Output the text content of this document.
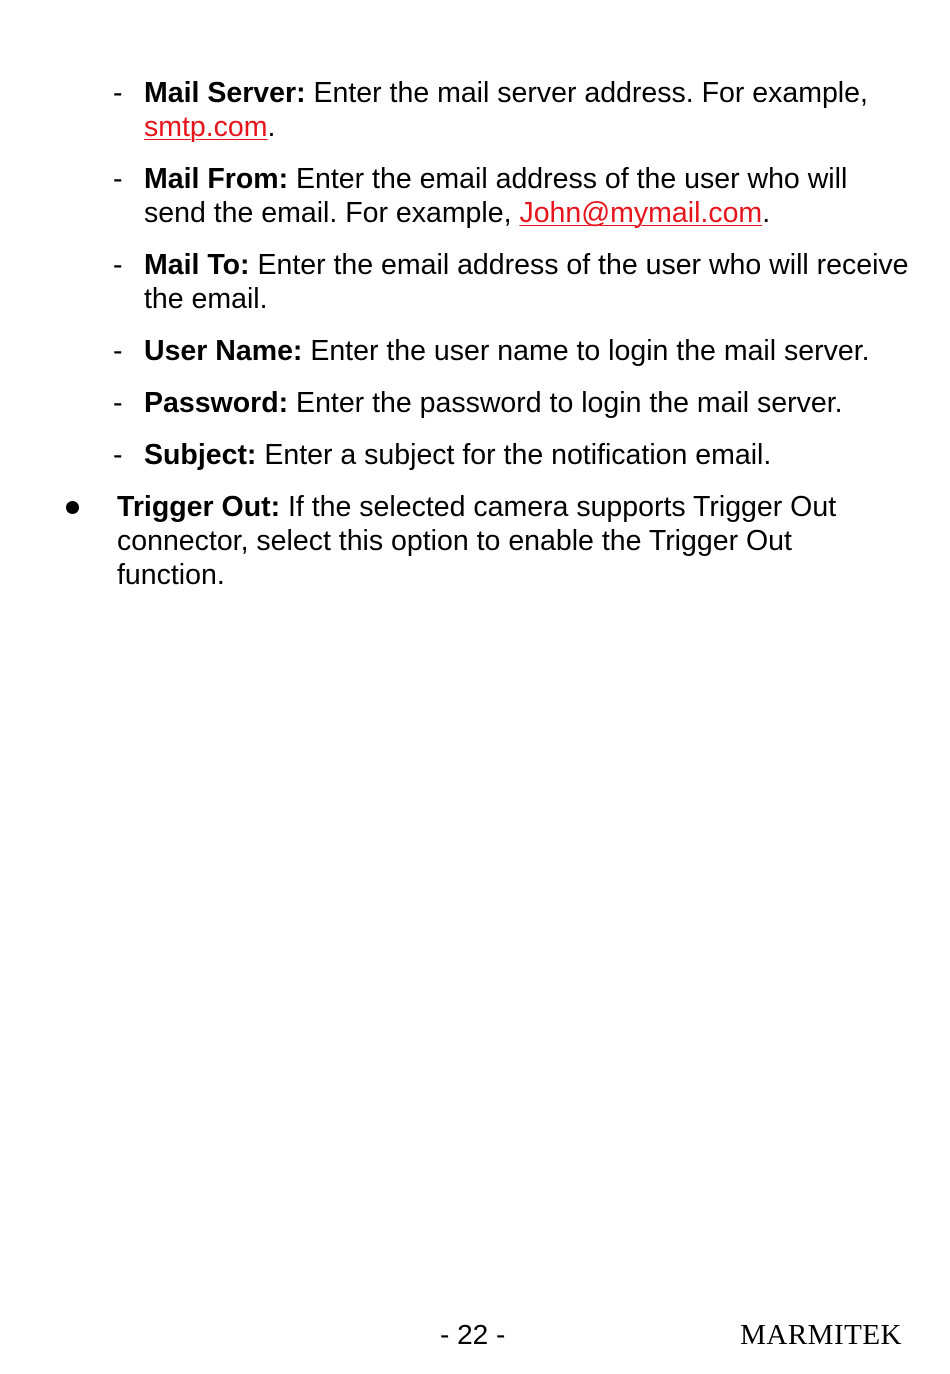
- Mail Server: Enter the mail server address. For example, smtp.com.
- Mail From: Enter the email address of the user who will send the email. For example, John@mymail.com.
- Mail To: Enter the email address of the user who will receive the email.
- User Name: Enter the user name to login the mail server.
- Password: Enter the password to login the mail server.
- Subject: Enter a subject for the notification email.
Trigger Out: If the selected camera supports Trigger Out connector, select this option to enable the Trigger Out function.
- 22 -	MARMITEK
